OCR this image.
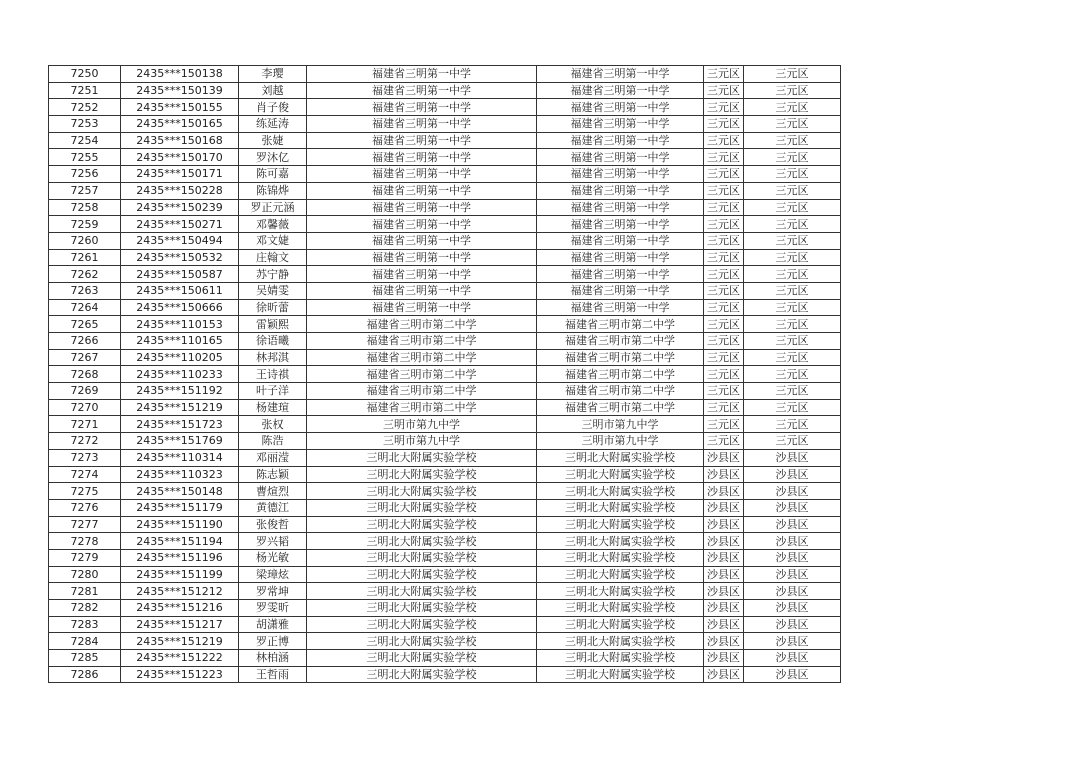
7250	2435***150138	李璎	福建省三明第一中学	福建省三明第一中学	三元区	三元区
7251	2435***150139	刘越	福建省三明第一中学	福建省三明第一中学	三元区	三元区
7252	2435***150155	肖子俊	福建省三明第一中学	福建省三明第一中学	三元区	三元区
7253	2435***150165	练延涛	福建省三明第一中学	福建省三明第一中学	三元区	三元区
7254	2435***150168	张婕	福建省三明第一中学	福建省三明第一中学	三元区	三元区
7255	2435***150170	罗沐亿	福建省三明第一中学	福建省三明第一中学	三元区	三元区
7256	2435***150171	陈可嘉	福建省三明第一中学	福建省三明第一中学	三元区	三元区
7257	2435***150228	陈锦烨	福建省三明第一中学	福建省三明第一中学	三元区	三元区
7258	2435***150239	罗正元涵	福建省三明第一中学	福建省三明第一中学	三元区	三元区
7259	2435***150271	邓馨薇	福建省三明第一中学	福建省三明第一中学	三元区	三元区
7260	2435***150494	邓文婕	福建省三明第一中学	福建省三明第一中学	三元区	三元区
7261	2435***150532	庄翰文	福建省三明第一中学	福建省三明第一中学	三元区	三元区
7262	2435***150587	苏宁静	福建省三明第一中学	福建省三明第一中学	三元区	三元区
7263	2435***150611	吴婧雯	福建省三明第一中学	福建省三明第一中学	三元区	三元区
7264	2435***150666	徐昕蕾	福建省三明第一中学	福建省三明第一中学	三元区	三元区
7265	2435***110153	雷颖熙	福建省三明市第二中学	福建省三明市第二中学	三元区	三元区
7266	2435***110165	徐语曦	福建省三明市第二中学	福建省三明市第二中学	三元区	三元区
7267	2435***110205	林邦淇	福建省三明市第二中学	福建省三明市第二中学	三元区	三元区
7268	2435***110233	王诗祺	福建省三明市第二中学	福建省三明市第二中学	三元区	三元区
7269	2435***151192	叶子洋	福建省三明市第二中学	福建省三明市第二中学	三元区	三元区
7270	2435***151219	杨建瑄	福建省三明市第二中学	福建省三明市第二中学	三元区	三元区
7271	2435***151723	张权	三明市第九中学	三明市第九中学	三元区	三元区
7272	2435***151769	陈浩	三明市第九中学	三明市第九中学	三元区	三元区
7273	2435***110314	邓丽滢	三明北大附属实验学校	三明北大附属实验学校	沙县区	沙县区
7274	2435***110323	陈志颖	三明北大附属实验学校	三明北大附属实验学校	沙县区	沙县区
7275	2435***150148	曹煊烈	三明北大附属实验学校	三明北大附属实验学校	沙县区	沙县区
7276	2435***151179	黄德江	三明北大附属实验学校	三明北大附属实验学校	沙县区	沙县区
7277	2435***151190	张俊哲	三明北大附属实验学校	三明北大附属实验学校	沙县区	沙县区
7278	2435***151194	罗兴韬	三明北大附属实验学校	三明北大附属实验学校	沙县区	沙县区
7279	2435***151196	杨光敏	三明北大附属实验学校	三明北大附属实验学校	沙县区	沙县区
7280	2435***151199	梁璋炫	三明北大附属实验学校	三明北大附属实验学校	沙县区	沙县区
7281	2435***151212	罗常坤	三明北大附属实验学校	三明北大附属实验学校	沙县区	沙县区
7282	2435***151216	罗雯昕	三明北大附属实验学校	三明北大附属实验学校	沙县区	沙县区
7283	2435***151217	胡潇雅	三明北大附属实验学校	三明北大附属实验学校	沙县区	沙县区
7284	2435***151219	罗正博	三明北大附属实验学校	三明北大附属实验学校	沙县区	沙县区
7285	2435***151222	林柏涵	三明北大附属实验学校	三明北大附属实验学校	沙县区	沙县区
7286	2435***151223	王哲雨	三明北大附属实验学校	三明北大附属实验学校	沙县区	沙县区
